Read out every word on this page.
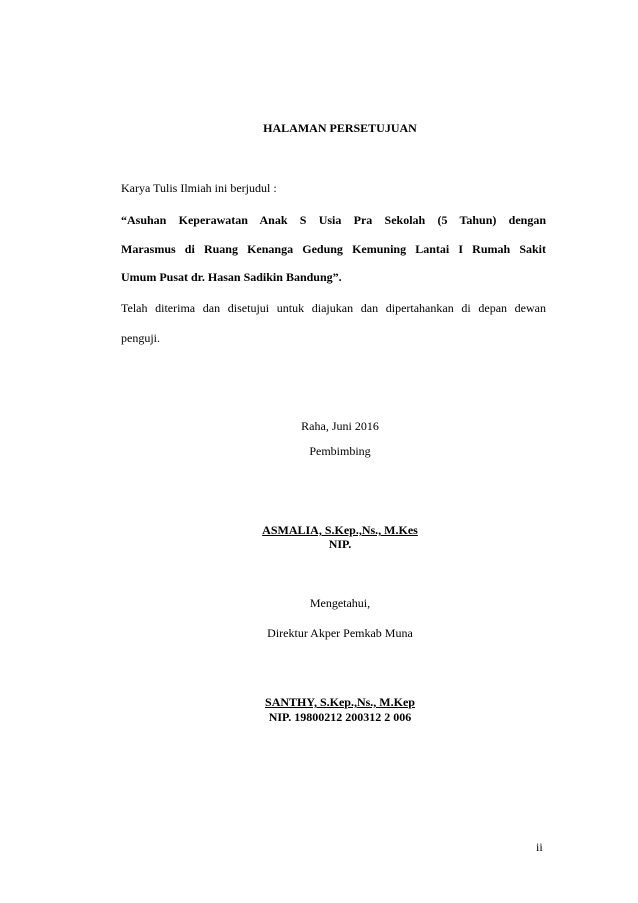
HALAMAN PERSETUJUAN
Karya Tulis Ilmiah ini berjudul :
“Asuhan Keperawatan Anak S Usia Pra Sekolah (5 Tahun) dengan
Marasmus di Ruang Kenanga Gedung Kemuning Lantai I Rumah Sakit
Umum Pusat dr. Hasan Sadikin Bandung”.
Telah diterima dan disetujui untuk diajukan dan dipertahankan di depan dewan
penguji.
Raha, Juni 2016
Pembimbing
ASMALIA, S.Kep.,Ns., M.Kes
NIP.
Mengetahui,
Direktur Akper Pemkab Muna
SANTHY, S.Kep.,Ns., M.Kep
NIP. 19800212 200312 2 006
ii
